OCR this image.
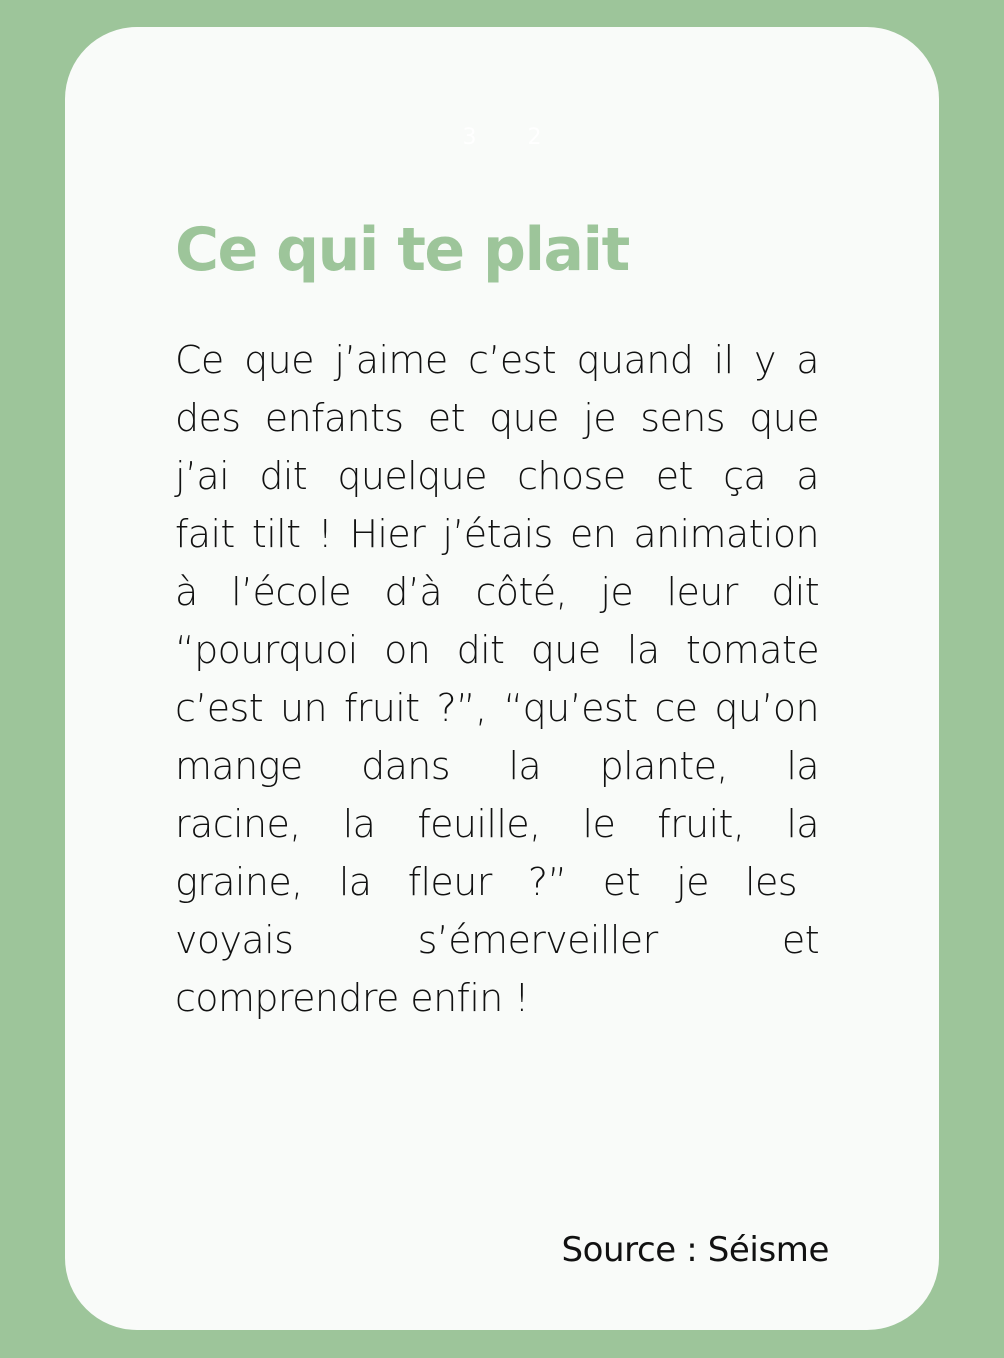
3 2
Ce qui te plait
Ce que j’aime c’est quand il y a
des enfants et que je sens que
j’ai dit quelque chose et ça a
fait tilt ! Hier j’étais en animation
à l’école d’à côté, je leur dit
“pourquoi on dit que la tomate
c’est un fruit ?”, “qu’est ce qu’on
mange dans la plante, la
racine, la feuille, le fruit, la
graine, la fleur ?” et je les
voyais s’émerveiller et
comprendre enfin !

Source : Séisme
